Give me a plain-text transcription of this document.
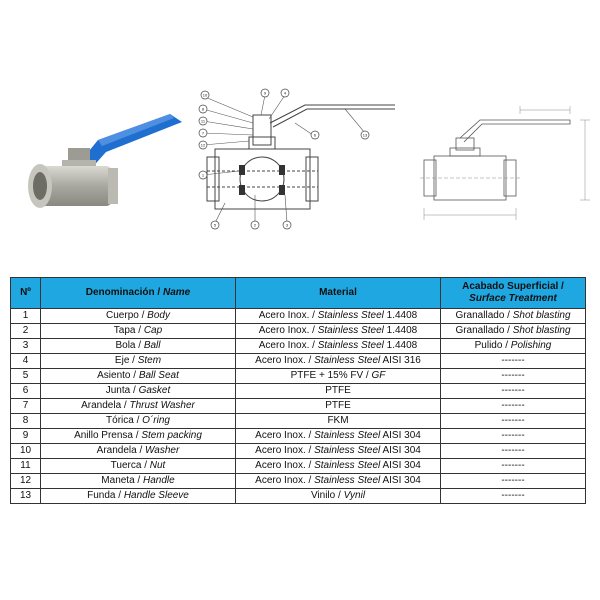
10
8
11
7
12
9	4
1
13
5	2	3
6
Nº	Denominación / Name	Material	Acabado Superficial /
Surface Treatment
1	Cuerpo / Body	Acero Inox. / Stainless Steel 1.4408	Granallado / Shot blasting
2	Tapa / Cap	Acero Inox. / Stainless Steel 1.4408	Granallado / Shot blasting
3	Bola / Ball	Acero Inox. / Stainless Steel 1.4408	Pulido / Polishing
4	Eje / Stem	Acero Inox. / Stainless Steel AISI 316	-------
5	Asiento / Ball Seat	PTFE + 15% FV / GF	-------
6	Junta / Gasket	PTFE	-------
7	Arandela / Thrust Washer	PTFE	-------
8	Tórica / O´ring	FKM	-------
9	Anillo Prensa / Stem packing	Acero Inox. / Stainless Steel AISI 304	-------
10	Arandela / Washer	Acero Inox. / Stainless Steel AISI 304	-------
11	Tuerca / Nut	Acero Inox. / Stainless Steel AISI 304	-------
12	Maneta / Handle	Acero Inox. / Stainless Steel AISI 304	-------
13	Funda / Handle Sleeve	Vinilo / Vynil	-------
